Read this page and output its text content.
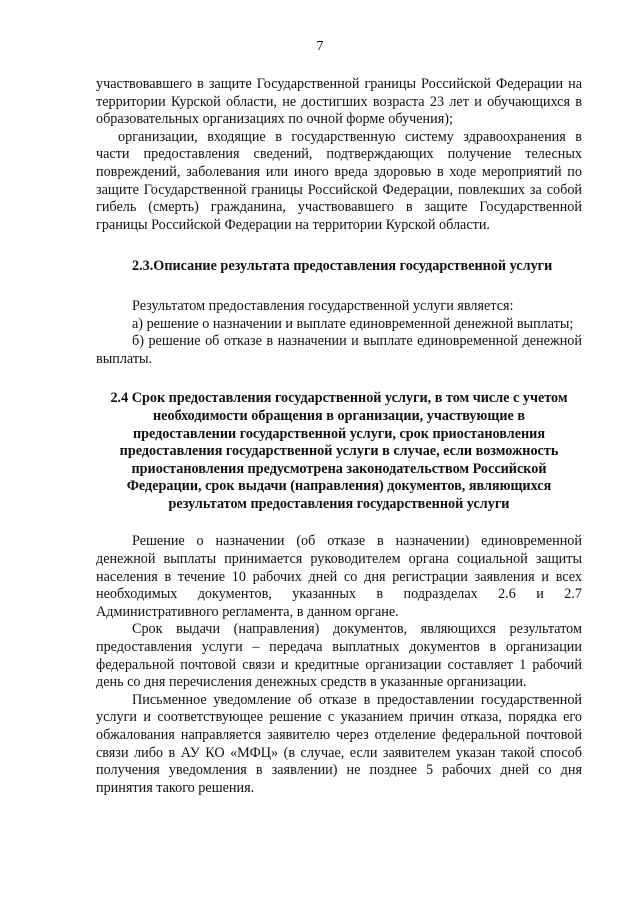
7

участвовавшего в защите Государственной границы Российской Федерации на территории Курской области, не достигших возраста 23 лет и обучающихся в образовательных организациях по очной форме обучения);

организации, входящие в государственную систему здравоохранения в части предоставления сведений, подтверждающих получение телесных повреждений, заболевания или иного вреда здоровью в ходе мероприятий по защите Государственной границы Российской Федерации, повлекших за собой гибель (смерть) гражданина, участвовавшего в защите Государственной границы Российской Федерации на территории Курской области.

2.3.Описание результата предоставления государственной услуги

Результатом предоставления государственной услуги является:

а) решение о назначении и выплате единовременной денежной выплаты;

б) решение об отказе в назначении и выплате единовременной денежной выплаты.

2.4 Срок предоставления государственной услуги, в том числе с учетом необходимости обращения в организации, участвующие в предоставлении государственной услуги, срок приостановления предоставления государственной услуги в случае, если возможность приостановления предусмотрена законодательством Российской Федерации, срок выдачи (направления) документов, являющихся результатом предоставления государственной услуги

Решение о назначении (об отказе в назначении) единовременной денежной выплаты принимается руководителем органа социальной защиты населения в течение 10 рабочих дней со дня регистрации заявления и всех необходимых документов, указанных в подразделах 2.6 и 2.7 Административного регламента, в данном органе.

Срок выдачи (направления) документов, являющихся результатом предоставления услуги – передача выплатных документов в организации федеральной почтовой связи и кредитные организации составляет 1 рабочий день со дня перечисления денежных средств в указанные организации.

Письменное уведомление об отказе в предоставлении государственной услуги и соответствующее решение с указанием причин отказа, порядка его обжалования направляется заявителю через отделение федеральной почтовой связи либо в АУ КО «МФЦ» (в случае, если заявителем указан такой способ получения уведомления в заявлении) не позднее 5 рабочих дней со дня принятия такого решения.
